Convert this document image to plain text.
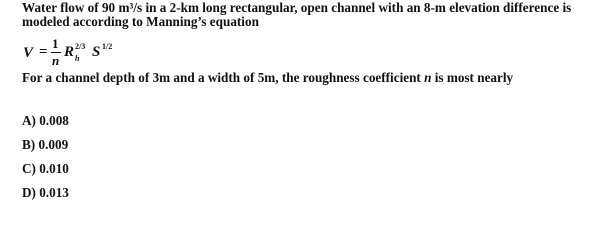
Water flow of 90 m³/s in a 2-km long rectangular, open channel with an 8-m elevation difference is
modeled according to Manning’s equation
V =
1
n
R 2/3
h S 1/2
For a channel depth of 3m and a width of 5m, the roughness coefficient n is most nearly
A) 0.008
B) 0.009
C) 0.010
D) 0.013
